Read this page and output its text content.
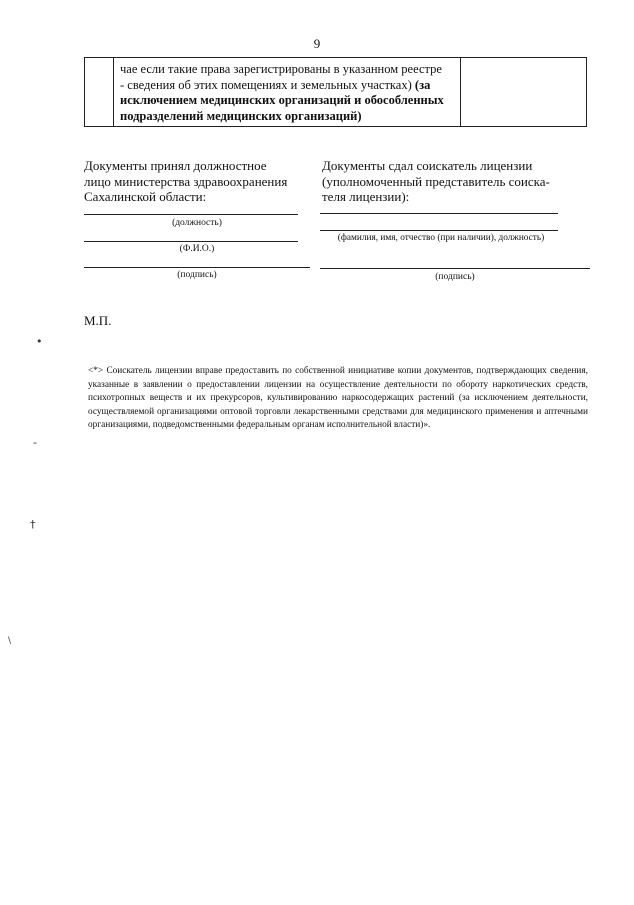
9
чае если такие права зарегистрированы в указанном реестре
- сведения об этих помещениях и земельных участках) (за
исключением медицинских организаций и обособленных
подразделений медицинских организаций)
Документы принял должностное
лицо министерства здравоохранения
Сахалинской области:
Документы сдал соискатель лицензии
(уполномоченный представитель соиска-
теля лицензии):
(должность)
(Ф.И.О.)
(подпись)
(фамилия, имя, отчество (при наличии), должность)
(подпись)
М.П.
<*> Соискатель лицензии вправе предоставить по собственной инициативе копии документов, подтверждающих сведения, указанные в заявлении о предоставлении лицензии на осуществление деятельности по обороту наркотических средств, психотропных веществ и их прекурсоров, культивированию наркосодержащих растений (за исключением деятельности, осуществляемой организациями оптовой торговли лекарственными средствами для медицинского применения и аптечными организациями, подведомственными федеральным органам исполнительной власти)».
•
-
†
\
